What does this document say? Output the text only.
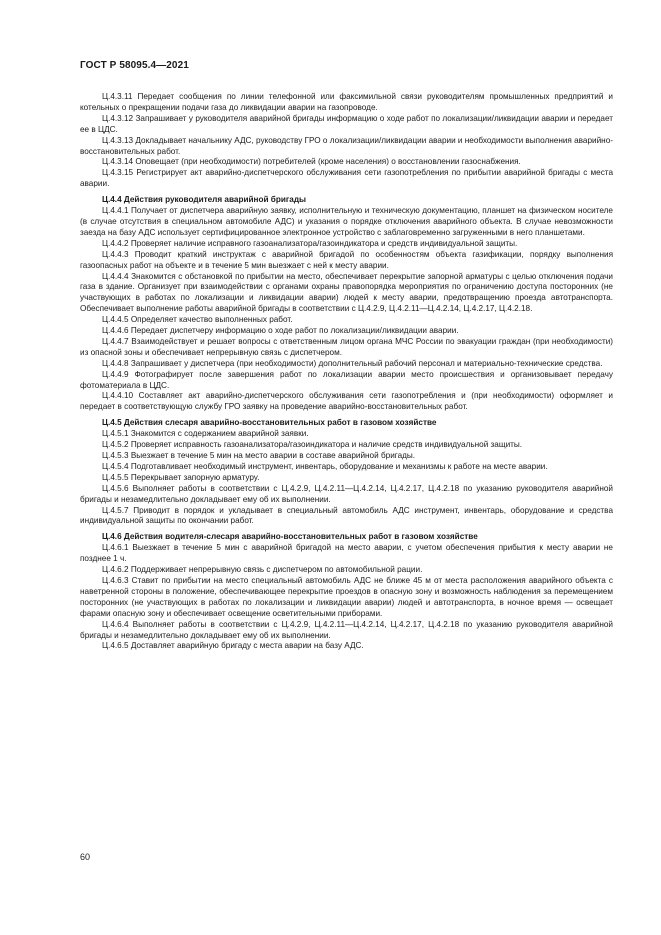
ГОСТ Р 58095.4—2021

Ц.4.3.11 Передает сообщения по линии телефонной или факсимильной связи руководителям промышленных предприятий и котельных о прекращении подачи газа до ликвидации аварии на газопроводе.

Ц.4.3.12 Запрашивает у руководителя аварийной бригады информацию о ходе работ по локализации/ликвидации аварии и передает ее в ЦДС.

Ц.4.3.13 Докладывает начальнику АДС, руководству ГРО о локализации/ликвидации аварии и необходимости выполнения аварийно-восстановительных работ.

Ц.4.3.14 Оповещает (при необходимости) потребителей (кроме населения) о восстановлении газоснабжения.

Ц.4.3.15 Регистрирует акт аварийно-диспетчерского обслуживания сети газопотребления по прибытии аварийной бригады с места аварии.

Ц.4.4 Действия руководителя аварийной бригады

Ц.4.4.1 Получает от диспетчера аварийную заявку, исполнительную и техническую документацию, планшет на физическом носителе (в случае отсутствия в специальном автомобиле АДС) и указания о порядке отключения аварийного объекта. В случае невозможности заезда на базу АДС использует сертифицированное электронное устройство с заблаговременно загруженными в него планшетами.

Ц.4.4.2 Проверяет наличие исправного газоанализатора/газоиндикатора и средств индивидуальной защиты.

Ц.4.4.3 Проводит краткий инструктаж с аварийной бригадой по особенностям объекта газификации, порядку выполнения газоопасных работ на объекте и в течение 5 мин выезжает с ней к месту аварии.

Ц.4.4.4 Знакомится с обстановкой по прибытии на место, обеспечивает перекрытие запорной арматуры с целью отключения подачи газа в здание. Организует при взаимодействии с органами охраны правопорядка мероприятия по ограничению доступа посторонних (не участвующих в работах по локализации и ликвидации аварии) людей к месту аварии, предотвращению проезда автотранспорта. Обеспечивает выполнение работы аварийной бригады в соответствии с Ц.4.2.9, Ц.4.2.11—Ц.4.2.14, Ц.4.2.17, Ц.4.2.18.

Ц.4.4.5 Определяет качество выполненных работ.

Ц.4.4.6 Передает диспетчеру информацию о ходе работ по локализации/ликвидации аварии.

Ц.4.4.7 Взаимодействует и решает вопросы с ответственным лицом органа МЧС России по эвакуации граждан (при необходимости) из опасной зоны и обеспечивает непрерывную связь с диспетчером.

Ц.4.4.8 Запрашивает у диспетчера (при необходимости) дополнительный рабочий персонал и материально-технические средства.

Ц.4.4.9 Фотографирует после завершения работ по локализации аварии место происшествия и организовывает передачу фотоматериала в ЦДС.

Ц.4.4.10 Составляет акт аварийно-диспетчерского обслуживания сети газопотребления и (при необходимости) оформляет и передает в соответствующую службу ГРО заявку на проведение аварийно-восстановительных работ.

Ц.4.5 Действия слесаря аварийно-восстановительных работ в газовом хозяйстве

Ц.4.5.1 Знакомится с содержанием аварийной заявки.

Ц.4.5.2 Проверяет исправность газоанализатора/газоиндикатора и наличие средств индивидуальной защиты.

Ц.4.5.3 Выезжает в течение 5 мин на место аварии в составе аварийной бригады.

Ц.4.5.4 Подготавливает необходимый инструмент, инвентарь, оборудование и механизмы к работе на месте аварии.

Ц.4.5.5 Перекрывает запорную арматуру.

Ц.4.5.6 Выполняет работы в соответствии с Ц.4.2.9, Ц.4.2.11—Ц.4.2.14, Ц.4.2.17, Ц.4.2.18 по указанию руководителя аварийной бригады и незамедлительно докладывает ему об их выполнении.

Ц.4.5.7 Приводит в порядок и укладывает в специальный автомобиль АДС инструмент, инвентарь, оборудование и средства индивидуальной защиты по окончании работ.

Ц.4.6 Действия водителя-слесаря аварийно-восстановительных работ в газовом хозяйстве

Ц.4.6.1 Выезжает в течение 5 мин с аварийной бригадой на место аварии, с учетом обеспечения прибытия к месту аварии не позднее 1 ч.

Ц.4.6.2 Поддерживает непрерывную связь с диспетчером по автомобильной рации.

Ц.4.6.3 Ставит по прибытии на место специальный автомобиль АДС не ближе 45 м от места расположения аварийного объекта с наветренной стороны в положение, обеспечивающее перекрытие проездов в опасную зону и возможность наблюдения за перемещением посторонних (не участвующих в работах по локализации и ликвидации аварии) людей и автотранспорта, в ночное время — освещает фарами опасную зону и обеспечивает освещение осветительными приборами.

Ц.4.6.4 Выполняет работы в соответствии с Ц.4.2.9, Ц.4.2.11—Ц.4.2.14, Ц.4.2.17, Ц.4.2.18 по указанию руководителя аварийной бригады и незамедлительно докладывает ему об их выполнении.

Ц.4.6.5 Доставляет аварийную бригаду с места аварии на базу АДС.

60
